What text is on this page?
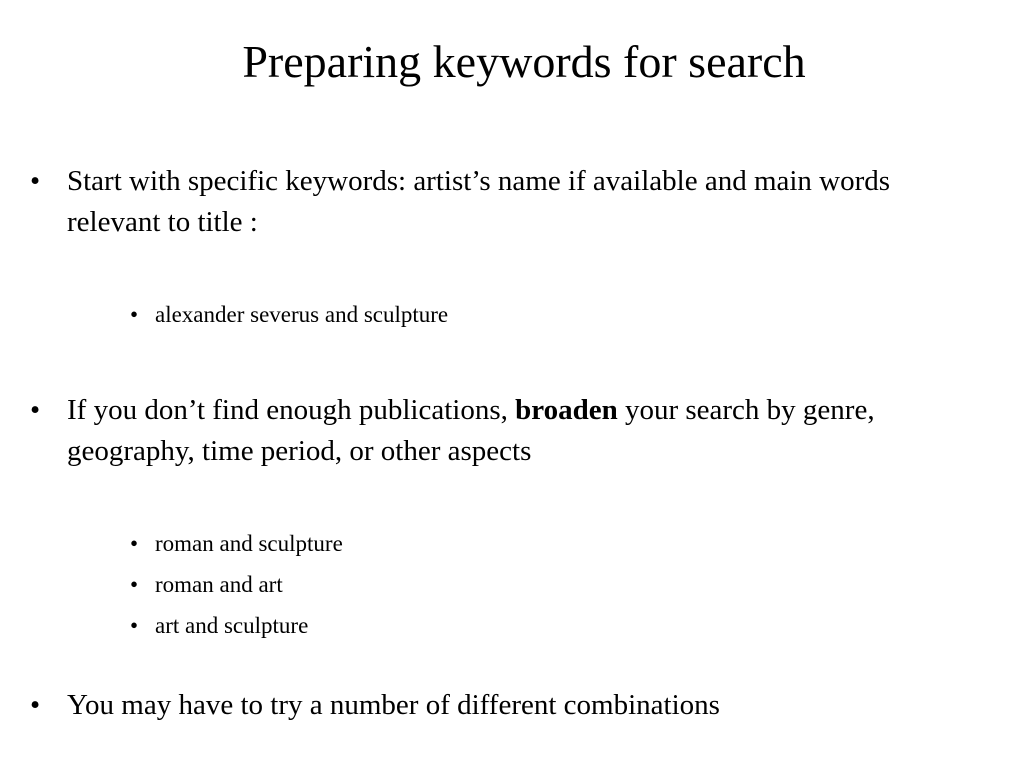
Preparing keywords for search
• Start with specific keywords: artist’s name if available and main words relevant to title :
• alexander severus and sculpture
• If you don’t find enough publications, broaden your search by genre, geography, time period, or other aspects
• roman and sculpture
• roman and art
• art and sculpture
• You may have to try a number of different combinations
